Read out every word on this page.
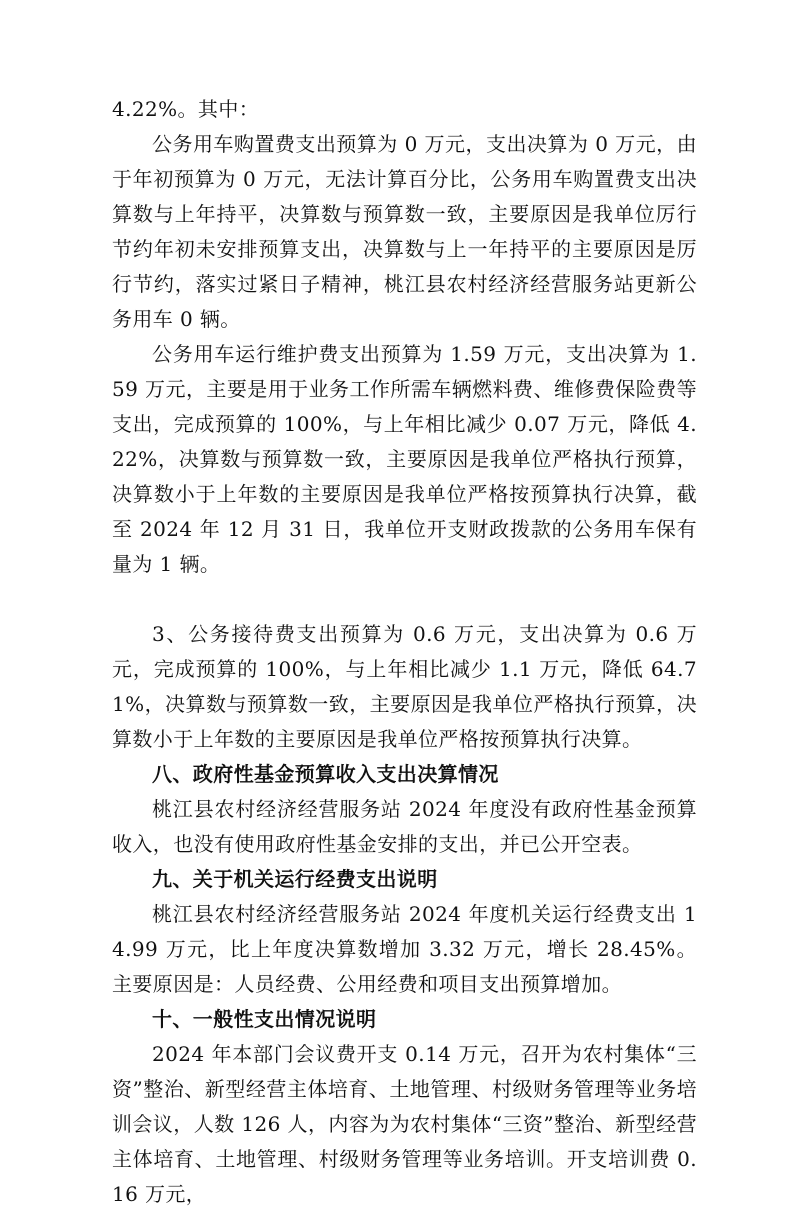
4.22%。其中：

公务用车购置费支出预算为 0 万元，支出决算为 0 万元，由于年初预算为 0 万元，无法计算百分比，公务用车购置费支出决算数与上年持平，决算数与预算数一致，主要原因是我单位厉行节约年初未安排预算支出，决算数与上一年持平的主要原因是厉行节约，落实过紧日子精神，桃江县农村经济经营服务站更新公务用车 0 辆。

公务用车运行维护费支出预算为 1.59 万元，支出决算为 1.59 万元，主要是用于业务工作所需车辆燃料费、维修费保险费等支出，完成预算的 100%，与上年相比减少 0.07 万元，降低 4.22%，决算数与预算数一致，主要原因是我单位严格执行预算，决算数小于上年数的主要原因是我单位严格按预算执行决算，截至 2024 年 12 月 31 日，我单位开支财政拨款的公务用车保有量为 1 辆。

3、公务接待费支出预算为 0.6 万元，支出决算为 0.6 万元，完成预算的 100%，与上年相比减少 1.1 万元，降低 64.71%，决算数与预算数一致，主要原因是我单位严格执行预算，决算数小于上年数的主要原因是我单位严格按预算执行决算。

八、政府性基金预算收入支出决算情况

桃江县农村经济经营服务站 2024 年度没有政府性基金预算收入，也没有使用政府性基金安排的支出，并已公开空表。

九、关于机关运行经费支出说明

桃江县农村经济经营服务站 2024 年度机关运行经费支出 14.99 万元，比上年度决算数增加 3.32 万元，增长 28.45%。主要原因是：人员经费、公用经费和项目支出预算增加。

十、一般性支出情况说明

2024 年本部门会议费开支 0.14 万元，召开为农村集体“三资”整治、新型经营主体培育、土地管理、村级财务管理等业务培训会议，人数 126 人，内容为为农村集体“三资”整治、新型经营主体培育、土地管理、村级财务管理等业务培训。开支培训费 0.16 万元，
